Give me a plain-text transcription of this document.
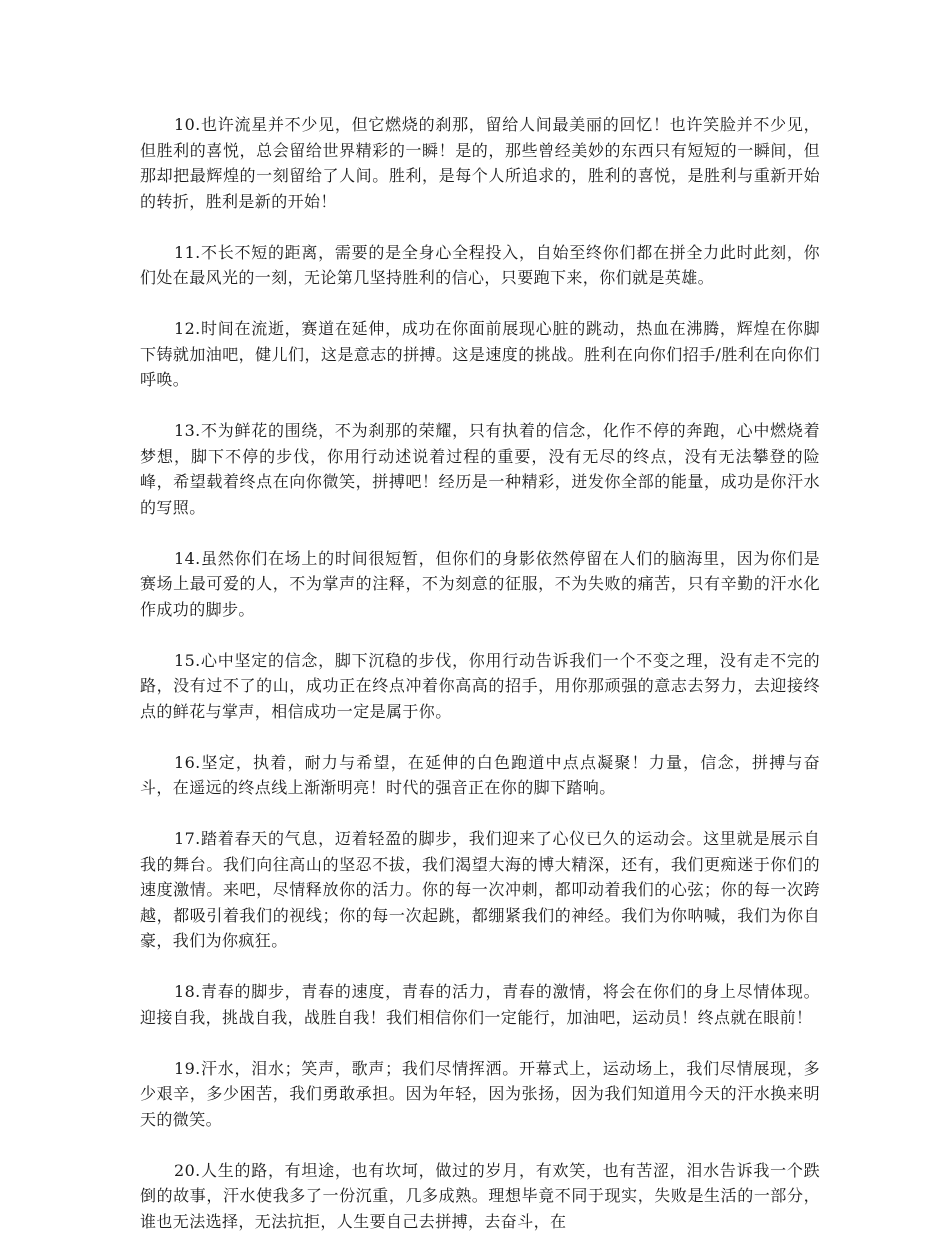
10.也许流星并不少见，但它燃烧的刹那，留给人间最美丽的回忆！也许笑脸并不少见，但胜利的喜悦，总会留给世界精彩的一瞬！是的，那些曾经美妙的东西只有短短的一瞬间，但那却把最辉煌的一刻留给了人间。胜利，是每个人所追求的，胜利的喜悦，是胜利与重新开始的转折，胜利是新的开始！

11.不长不短的距离，需要的是全身心全程投入，自始至终你们都在拼全力此时此刻，你们处在最风光的一刻，无论第几坚持胜利的信心，只要跑下来，你们就是英雄。

12.时间在流逝，赛道在延伸，成功在你面前展现心脏的跳动，热血在沸腾，辉煌在你脚下铸就加油吧，健儿们，这是意志的拼搏。这是速度的挑战。胜利在向你们招手/胜利在向你们呼唤。

13.不为鲜花的围绕，不为刹那的荣耀，只有执着的信念，化作不停的奔跑，心中燃烧着梦想，脚下不停的步伐，你用行动述说着过程的重要，没有无尽的终点，没有无法攀登的险峰，希望载着终点在向你微笑，拼搏吧！经历是一种精彩，迸发你全部的能量，成功是你汗水的写照。

14.虽然你们在场上的时间很短暂，但你们的身影依然停留在人们的脑海里，因为你们是赛场上最可爱的人，不为掌声的注释，不为刻意的征服，不为失败的痛苦，只有辛勤的汗水化作成功的脚步。

15.心中坚定的信念，脚下沉稳的步伐，你用行动告诉我们一个不变之理，没有走不完的路，没有过不了的山，成功正在终点冲着你高高的招手，用你那顽强的意志去努力，去迎接终点的鲜花与掌声，相信成功一定是属于你。

16.坚定，执着，耐力与希望，在延伸的白色跑道中点点凝聚！力量，信念，拼搏与奋斗，在遥远的终点线上渐渐明亮！时代的强音正在你的脚下踏响。

17.踏着春天的气息，迈着轻盈的脚步，我们迎来了心仪已久的运动会。这里就是展示自我的舞台。我们向往高山的坚忍不拔，我们渴望大海的博大精深，还有，我们更痴迷于你们的速度激情。来吧，尽情释放你的活力。你的每一次冲刺，都叩动着我们的心弦；你的每一次跨越，都吸引着我们的视线；你的每一次起跳，都绷紧我们的神经。我们为你呐喊，我们为你自豪，我们为你疯狂。

18.青春的脚步，青春的速度，青春的活力，青春的激情，将会在你们的身上尽情体现。迎接自我，挑战自我，战胜自我！我们相信你们一定能行，加油吧，运动员！终点就在眼前！

19.汗水，泪水；笑声，歌声；我们尽情挥洒。开幕式上，运动场上，我们尽情展现，多少艰辛，多少困苦，我们勇敢承担。因为年轻，因为张扬，因为我们知道用今天的汗水换来明天的微笑。

20.人生的路，有坦途，也有坎坷，做过的岁月，有欢笑，也有苦涩，泪水告诉我一个跌倒的故事，汗水使我多了一份沉重，几多成熟。理想毕竟不同于现实，失败是生活的一部分，谁也无法选择，无法抗拒，人生要自己去拼搏，去奋斗，在
